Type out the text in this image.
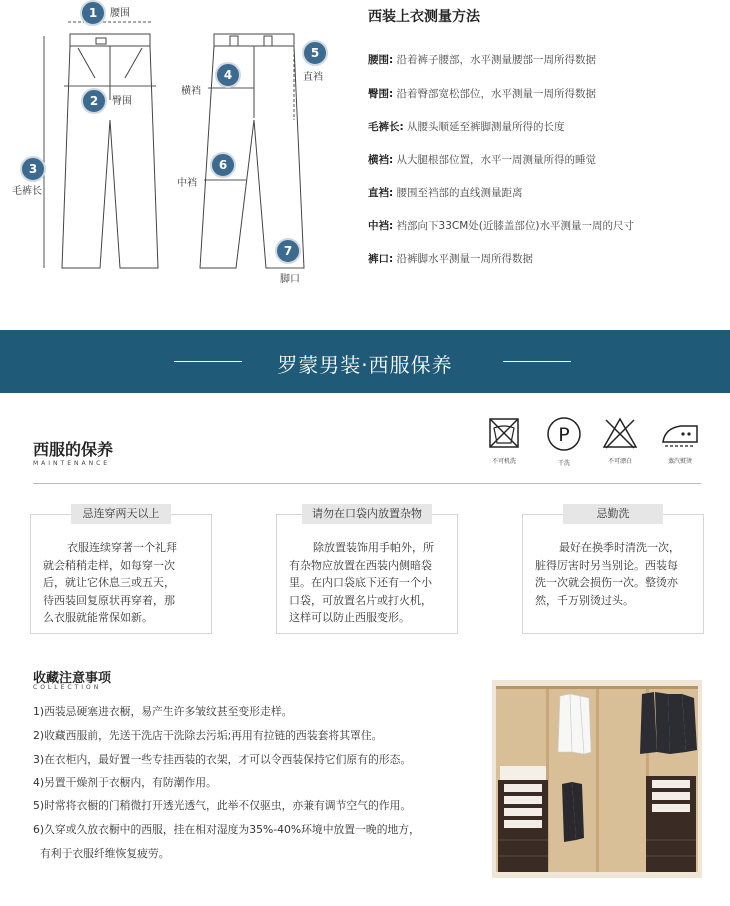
1	腰围
2	臀围
3
毛裤长
4
横裆
5
直裆
6
中裆
7
脚口
西装上衣测量方法
腰围: 沿着裤子腰部，水平测量腰部一周所得数据
臀围: 沿着臀部宽松部位，水平测量一周所得数据
毛裤长: 从腰头顺延至裤脚测量所得的长度
横裆: 从大腿根部位置，水平一周测量所得的睡觉
直裆: 腰围至裆部的直线测量距离
中裆: 裆部向下33CM处(近膝盖部位)水平测量一周的尺寸
裤口: 沿裤脚水平测量一周所得数据
罗蒙男装·西服保养
西服的保养
MAINTENANCE	不可机洗
P
干洗	不可漂白	蒸汽熨烫
忌连穿两天以上
衣服连续穿著一个礼拜
就会稍稍走样，如每穿一次
后，就让它休息三或五天，
待西装回复原状再穿着，那
么衣服就能常保如新。
请勿在口袋内放置杂物
除放置装饰用手帕外，所
有杂物应放置在西装内侧暗袋
里。在内口袋底下还有一个小
口袋，可放置名片或打火机，
这样可以防止西服变形。
忌勤洗
最好在换季时清洗一次，
脏得厉害时另当别论。西装每
洗一次就会损伤一次。整烫亦
然，千万别烫过头。
收藏注意事项
COLLECTION
1)西装忌硬塞进衣橱，易产生许多皱纹甚至变形走样。
2)收藏西服前，先送干洗店干洗除去污垢;再用有拉链的西装套将其罩住。
3)在衣柜内，最好置一些专挂西装的衣架，才可以令西装保持它们原有的形态。
4)另置干燥剂于衣橱内，有防潮作用。
5)时常将衣橱的门稍微打开透光透气，此举不仅驱虫，亦兼有调节空气的作用。
6)久穿或久放衣橱中的西服，挂在相对湿度为35%-40%环境中放置一晚的地方，
有利于衣服纤维恢复疲劳。
